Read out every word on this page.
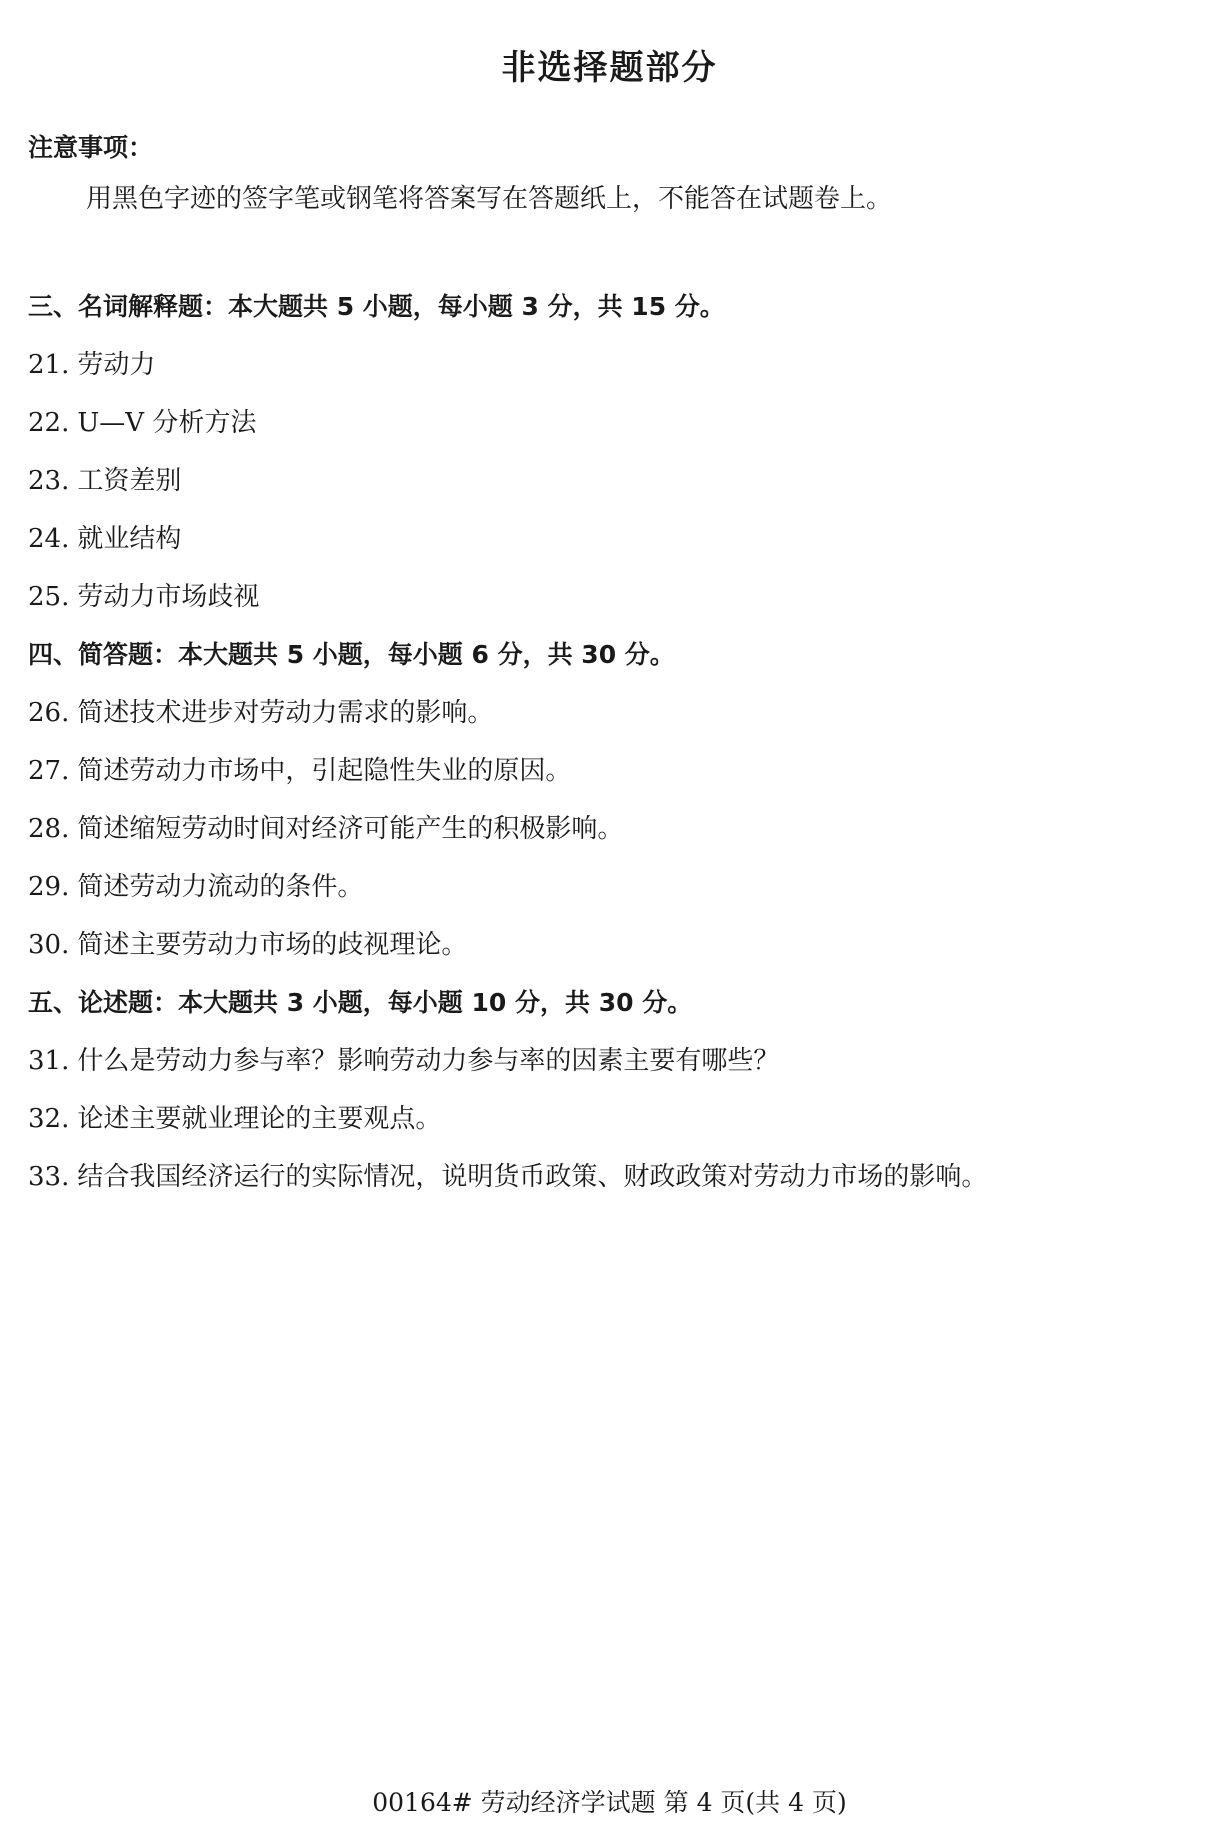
非选择题部分
注意事项：
用黑色字迹的签字笔或钢笔将答案写在答题纸上，不能答在试题卷上。
三、名词解释题：本大题共 5 小题，每小题 3 分，共 15 分。
21. 劳动力
22. U—V 分析方法
23. 工资差别
24. 就业结构
25. 劳动力市场歧视
四、简答题：本大题共 5 小题，每小题 6 分，共 30 分。
26. 简述技术进步对劳动力需求的影响。
27. 简述劳动力市场中，引起隐性失业的原因。
28. 简述缩短劳动时间对经济可能产生的积极影响。
29. 简述劳动力流动的条件。
30. 简述主要劳动力市场的歧视理论。
五、论述题：本大题共 3 小题，每小题 10 分，共 30 分。
31. 什么是劳动力参与率？影响劳动力参与率的因素主要有哪些？
32. 论述主要就业理论的主要观点。
33. 结合我国经济运行的实际情况，说明货币政策、财政政策对劳动力市场的影响。
00164# 劳动经济学试题 第 4 页(共 4 页)
